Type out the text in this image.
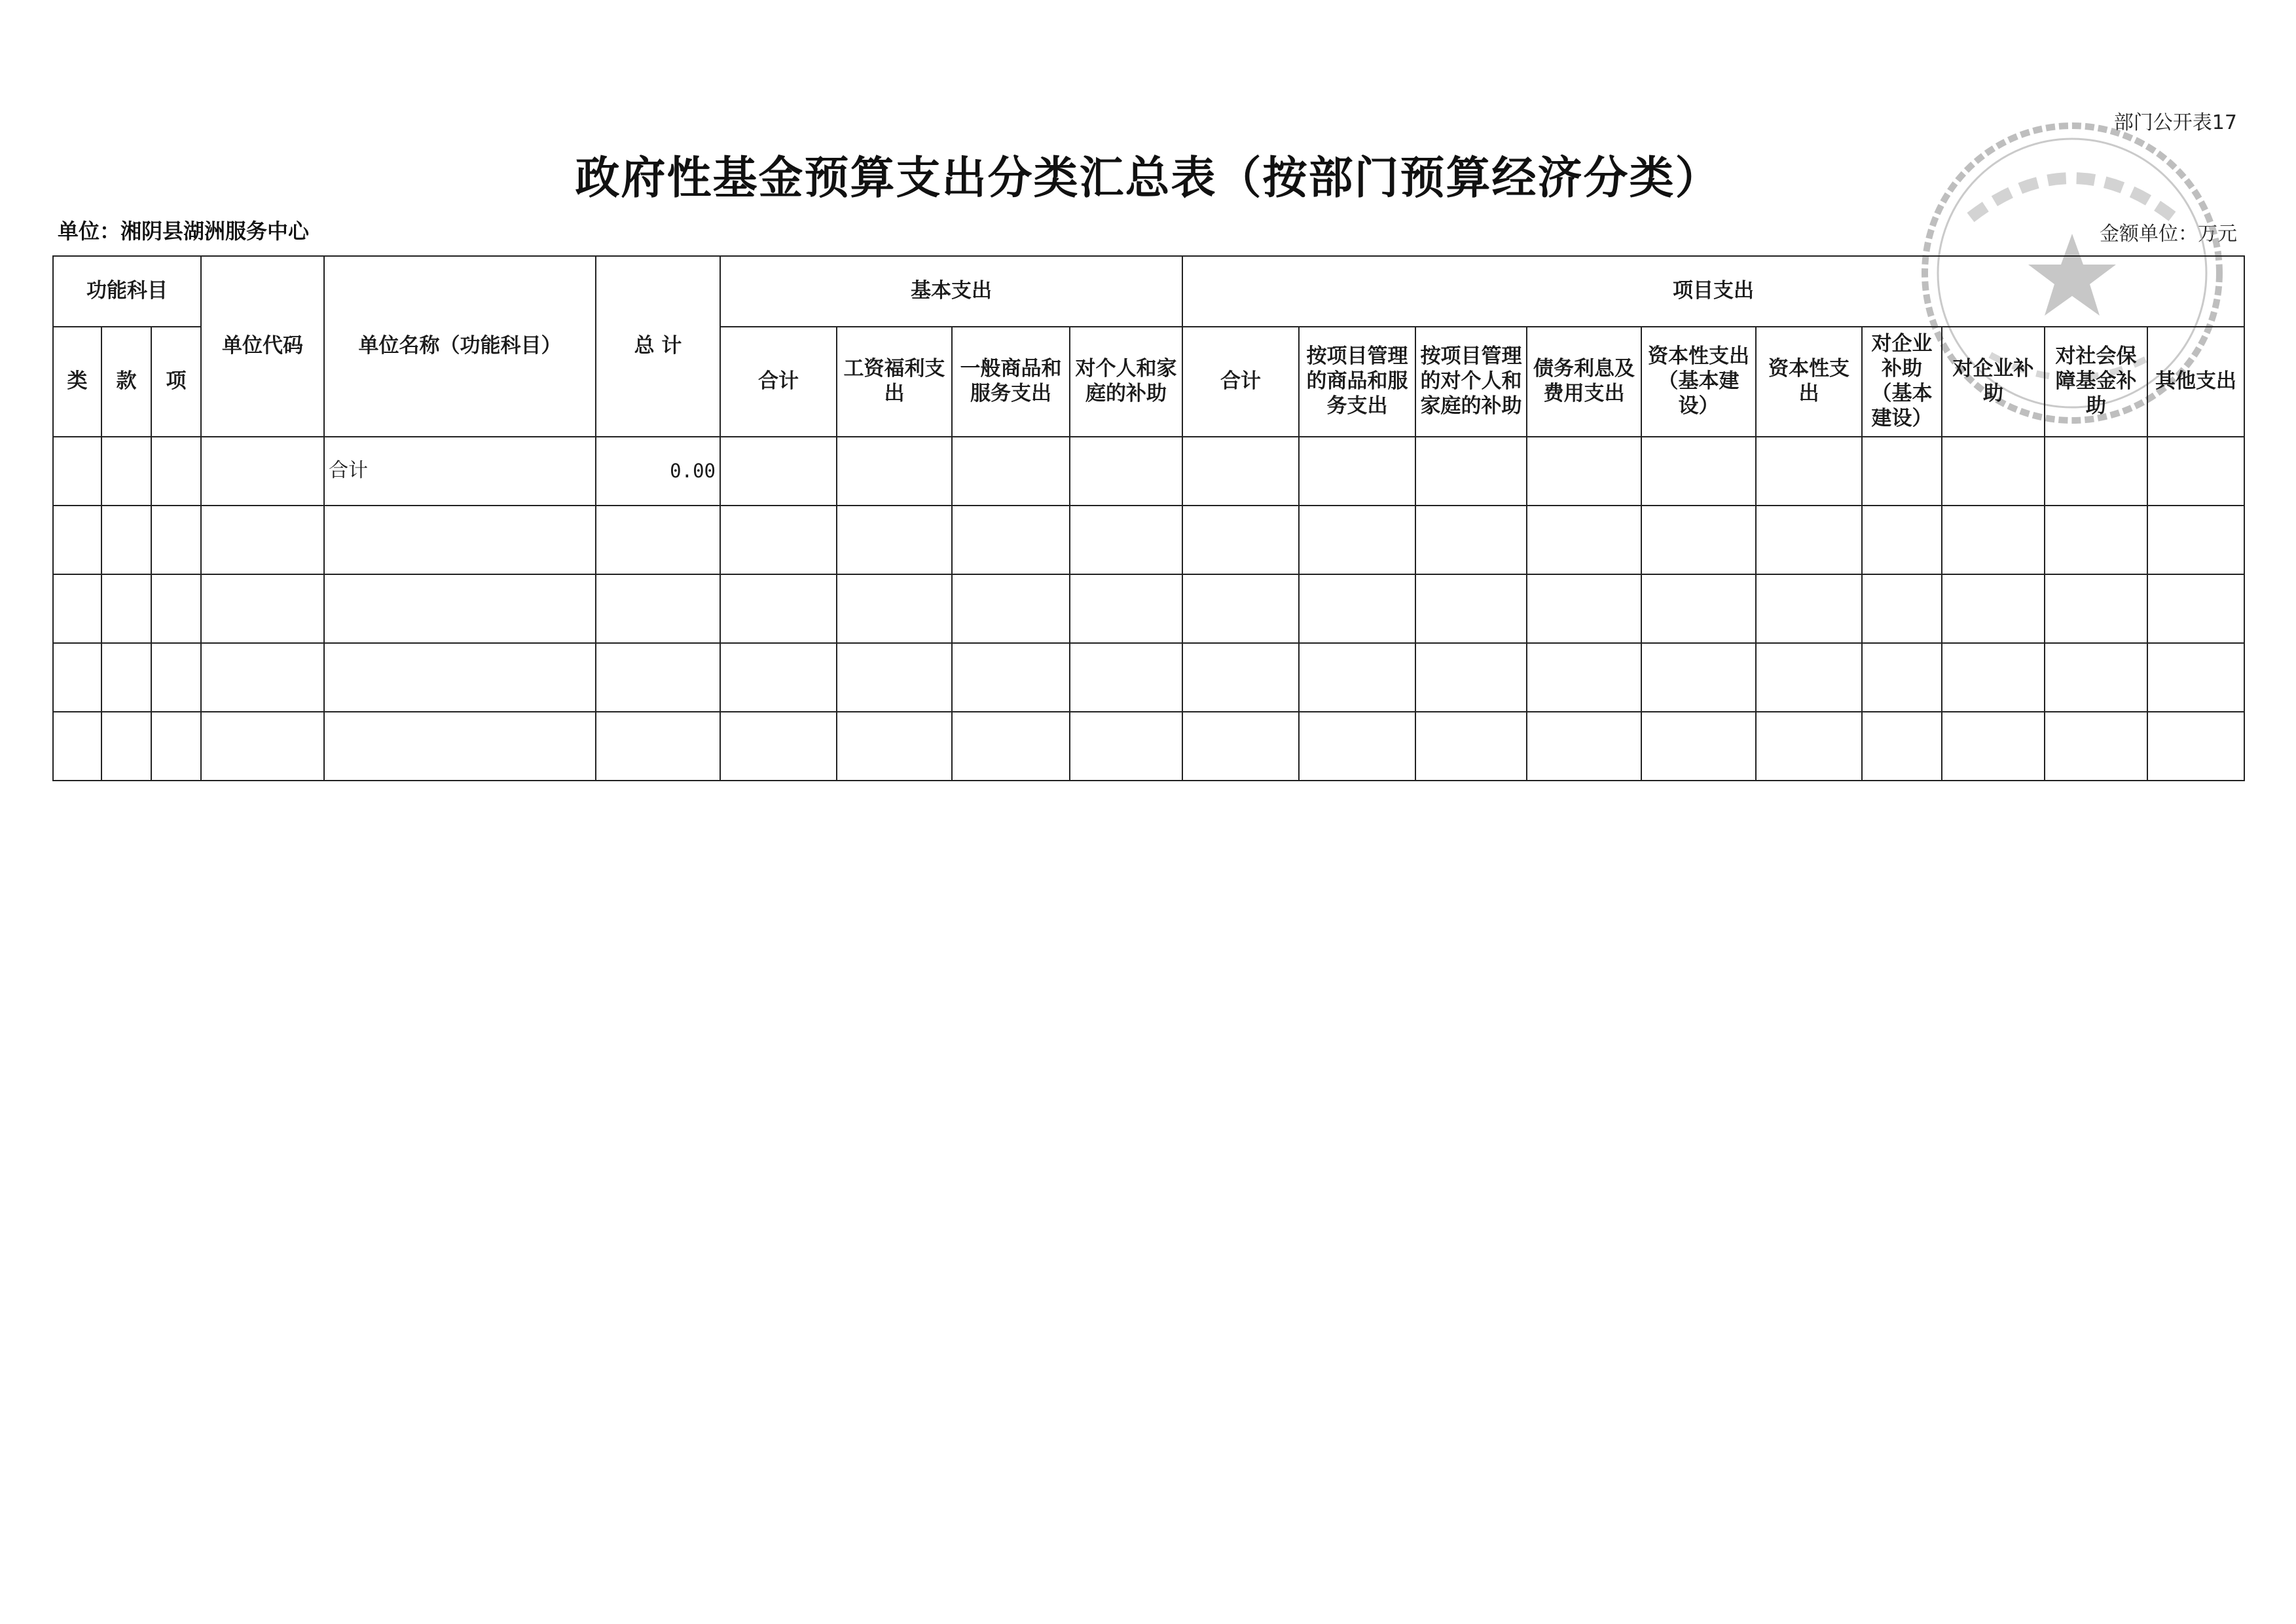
部门公开表17
政府性基金预算支出分类汇总表（按部门预算经济分类）
单位：湘阴县湖洲服务中心	金额单位：万元
功能科目			单位代码	单位名称（功能科目）	总 计	基本支出				项目支出									
类	款	项				合计	工资福利支出	一般商品和服务支出	对个人和家庭的补助	合计	按项目管理的商品和服务支出	按项目管理的对个人和家庭的补助	债务利息及费用支出	资本性支出（基本建设）	资本性支出	对企业补助（基本建设）	对企业补助	对社会保障基金补助	其他支出
				合计	0.00														
